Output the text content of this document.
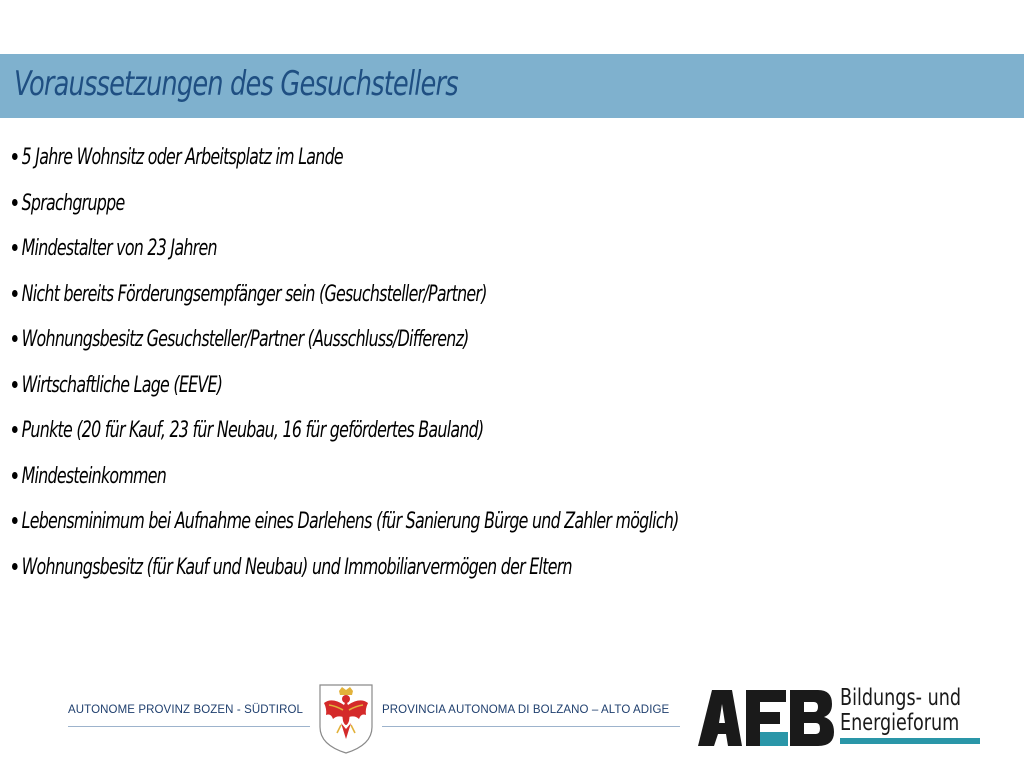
Voraussetzungen des Gesuchstellers
5 Jahre Wohnsitz oder Arbeitsplatz im Lande
Sprachgruppe
Mindestalter von 23 Jahren
Nicht bereits Förderungsempfänger sein (Gesuchsteller/Partner)
Wohnungsbesitz Gesuchsteller/Partner (Ausschluss/Differenz)
Wirtschaftliche Lage (EEVE)
Punkte (20 für Kauf, 23 für Neubau, 16 für gefördertes Bauland)
Mindesteinkommen
Lebensminimum bei Aufnahme eines Darlehens (für Sanierung Bürge und Zahler möglich)
Wohnungsbesitz (für Kauf und Neubau) und Immobiliarvermögen der Eltern
AUTONOME PROVINZ BOZEN - SÜDTIROL	PROVINCIA AUTONOMA DI BOLZANO – ALTO ADIGE	Bildungs- und
Energieforum
